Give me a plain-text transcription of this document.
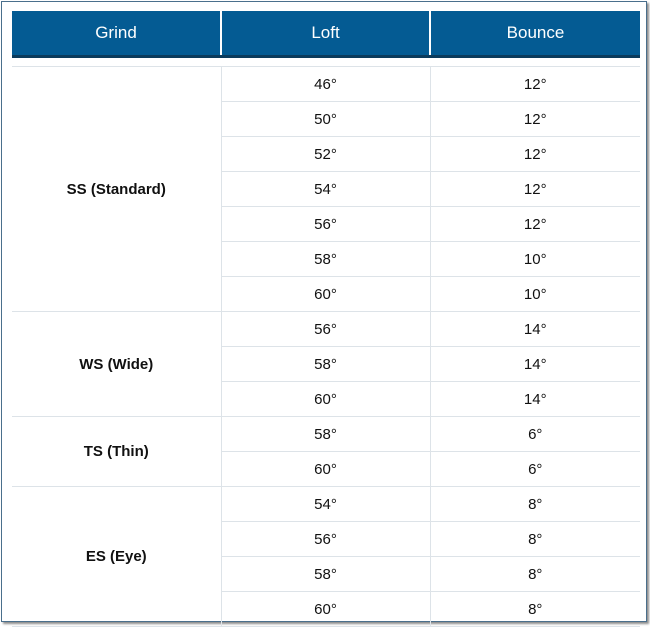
Grind	Loft	Bounce

SS (Standard)	46°	12°
	50°	12°
	52°	12°
	54°	12°
	56°	12°
	58°	10°
	60°	10°
WS (Wide)	56°	14°
	58°	14°
	60°	14°
TS (Thin)	58°	6°
	60°	6°
ES (Eye)	54°	8°
	56°	8°
	58°	8°
	60°	8°
